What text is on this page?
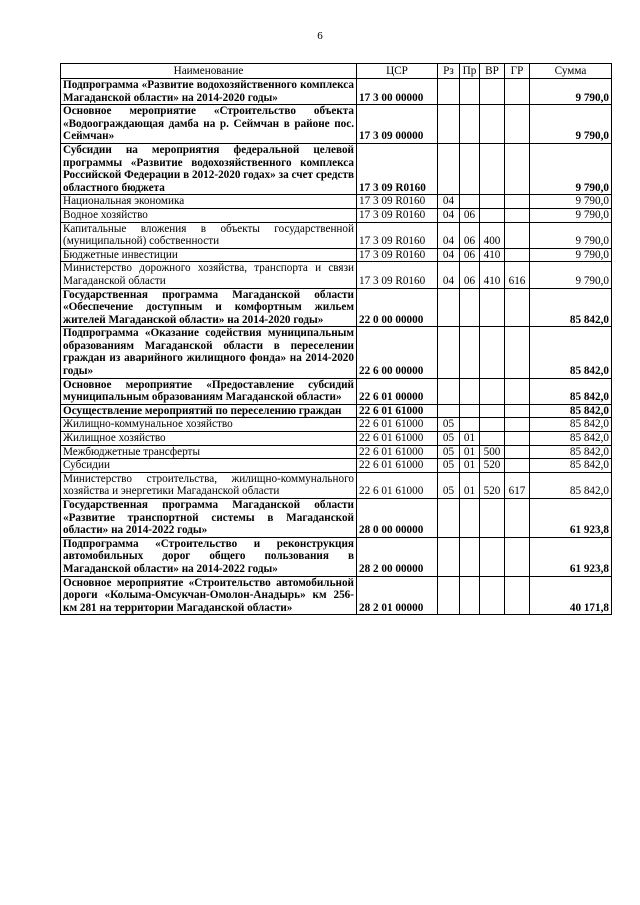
6
Наименование	ЦСР	Рз	Пр	ВР	ГР	Сумма
Подпрограмма «Развитие водохозяйственного комплекса Магаданской области» на 2014-2020 годы»	17 3 00 00000					9 790,0
Основное мероприятие «Строительство объекта «Водоограждающая дамба на р. Сеймчан в районе пос. Сеймчан»	17 3 09 00000					9 790,0
Субсидии на мероприятия федеральной целевой программы «Развитие водохозяйственного комплекса Российской Федерации в 2012-2020 годах» за счет средств областного бюджета	17 3 09 R0160					9 790,0
Национальная экономика	17 3 09 R0160	04				9 790,0
Водное хозяйство	17 3 09 R0160	04	06			9 790,0
Капитальные вложения в объекты государственной (муниципальной) собственности	17 3 09 R0160	04	06	400		9 790,0
Бюджетные инвестиции	17 3 09 R0160	04	06	410		9 790,0
Министерство дорожного хозяйства, транспорта и связи Магаданской области	17 3 09 R0160	04	06	410	616	9 790,0
Государственная программа Магаданской области «Обеспечение доступным и комфортным жильем жителей Магаданской области» на 2014-2020 годы»	22 0 00 00000					85 842,0
Подпрограмма «Оказание содействия муниципальным образованиям Магаданской области в переселении граждан из аварийного жилищного фонда» на 2014-2020 годы»	22 6 00 00000					85 842,0
Основное мероприятие «Предоставление субсидий муниципальным образованиям Магаданской области»	22 6 01 00000					85 842,0
Осуществление мероприятий по переселению граждан	22 6 01 61000					85 842,0
Жилищно-коммунальное хозяйство	22 6 01 61000	05				85 842,0
Жилищное хозяйство	22 6 01 61000	05	01			85 842,0
Межбюджетные трансферты	22 6 01 61000	05	01	500		85 842,0
Субсидии	22 6 01 61000	05	01	520		85 842,0
Министерство строительства, жилищно-коммунального хозяйства и энергетики Магаданской области	22 6 01 61000	05	01	520	617	85 842,0
Государственная программа Магаданской области «Развитие транспортной системы в Магаданской области» на 2014-2022 годы»	28 0 00 00000					61 923,8
Подпрограмма «Строительство и реконструкция автомобильных дорог общего пользования в Магаданской области» на 2014-2022 годы»	28 2 00 00000					61 923,8
Основное мероприятие «Строительство автомобильной дороги «Колыма-Омсукчан-Омолон-Анадырь» км 256-км 281 на территории Магаданской области»	28 2 01 00000					40 171,8
